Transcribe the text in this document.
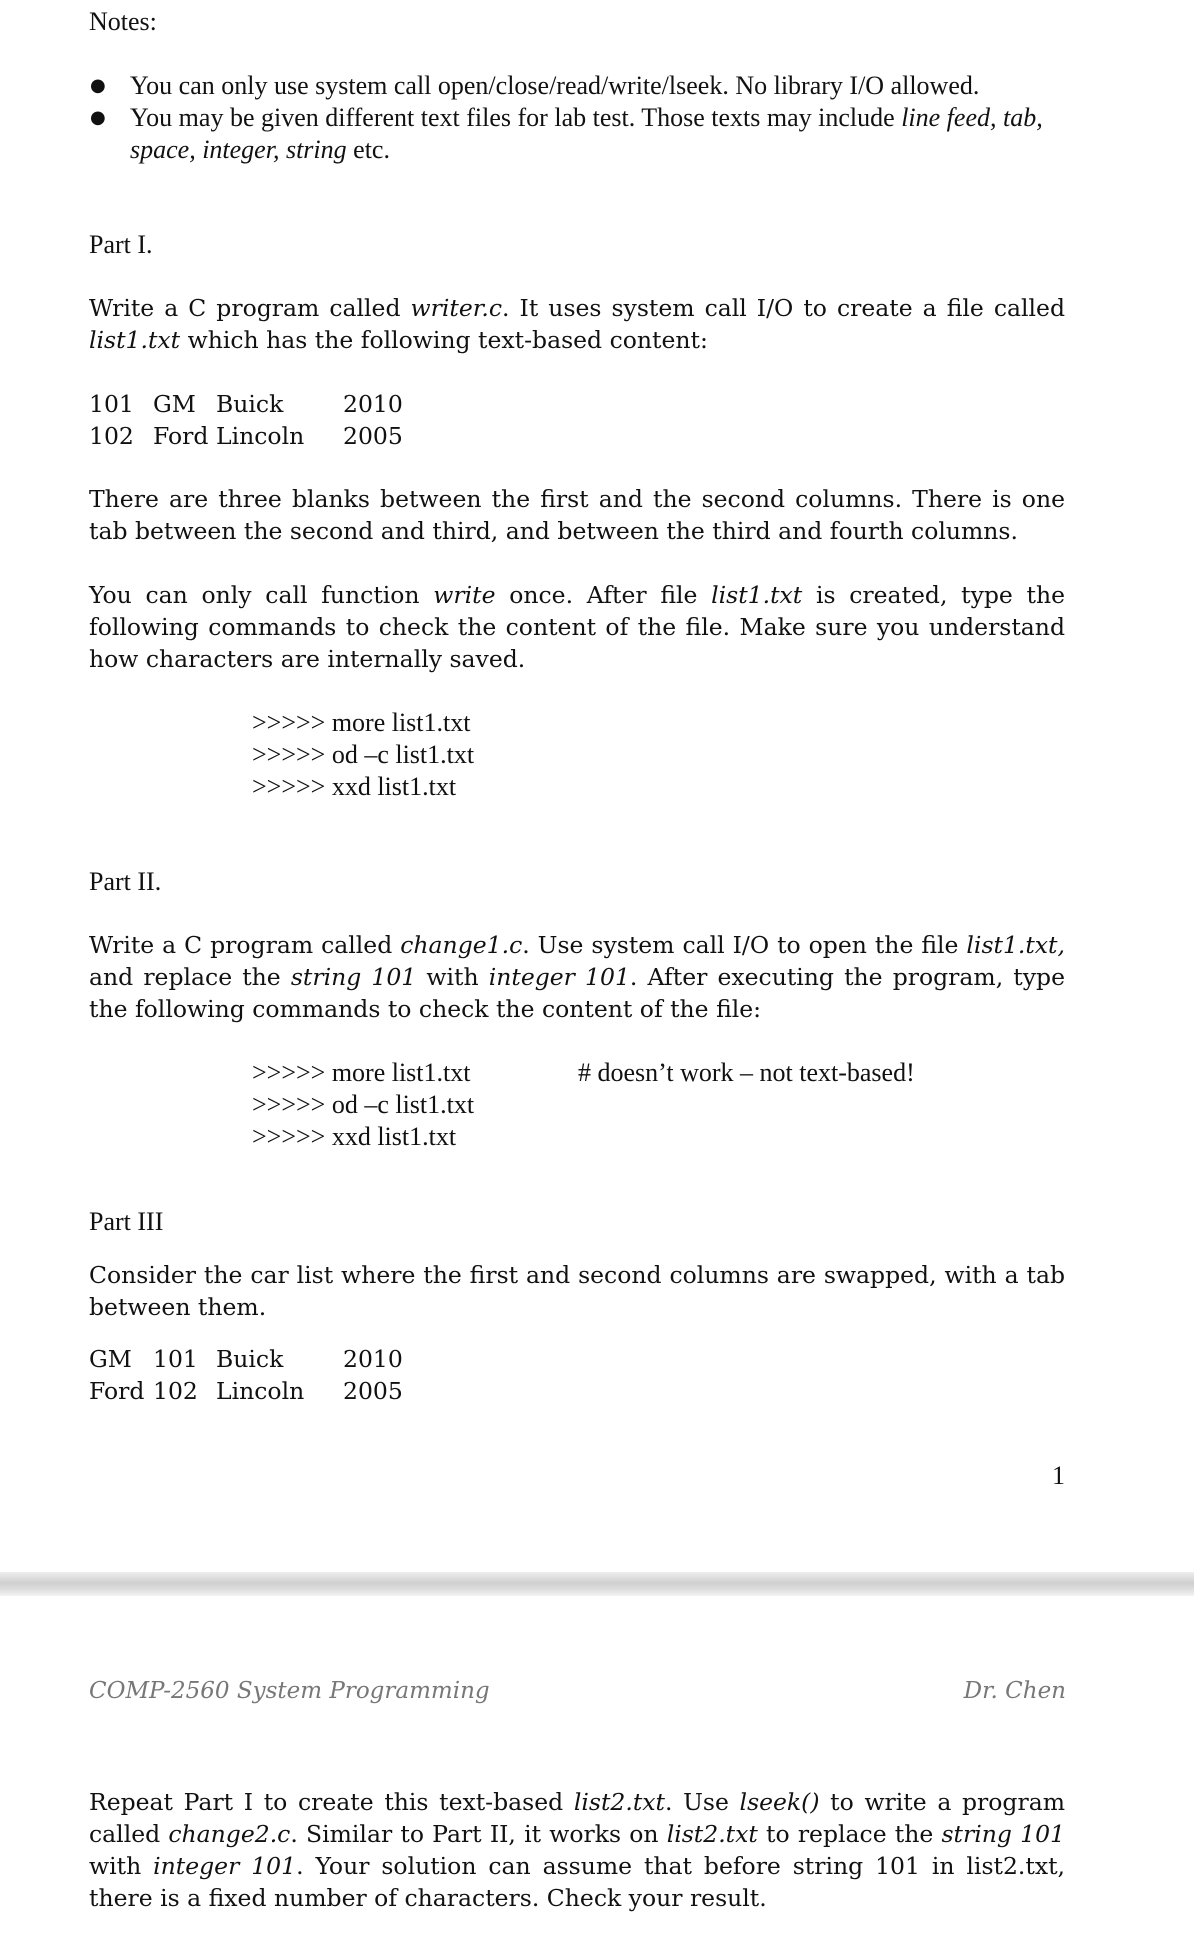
Notes:
● You can only use system call open/close/read/write/lseek. No library I/O allowed.
● You may be given different text files for lab test. Those texts may include line feed, tab, space, integer, string etc.
Part I.
Write a C program called writer.c. It uses system call I/O to create a file called list1.txt which has the following text-based content:
101 GM Buick	2010
102 Ford Lincoln 2005
There are three blanks between the first and the second columns. There is one tab between the second and third, and between the third and fourth columns.
You can only call function write once. After file list1.txt is created, type the following commands to check the content of the file. Make sure you understand how characters are internally saved.
>>>>> more list1.txt
>>>>> od –c list1.txt
>>>>> xxd list1.txt
Part II.
Write a C program called change1.c. Use system call I/O to open the file list1.txt, and replace the string 101 with integer 101. After executing the program, type the following commands to check the content of the file:
>>>>> more list1.txt	# doesn’t work – not text-based!
>>>>> od –c list1.txt
>>>>> xxd list1.txt
Part III
Consider the car list where the first and second columns are swapped, with a tab between them.
GM 101 Buick	2010
Ford 102 Lincoln 2005
1
COMP-2560 System Programming	Dr. Chen
Repeat Part I to create this text-based list2.txt. Use lseek() to write a program called change2.c. Similar to Part II, it works on list2.txt to replace the string 101 with integer 101. Your solution can assume that before string 101 in list2.txt, there is a fixed number of characters. Check your result.
